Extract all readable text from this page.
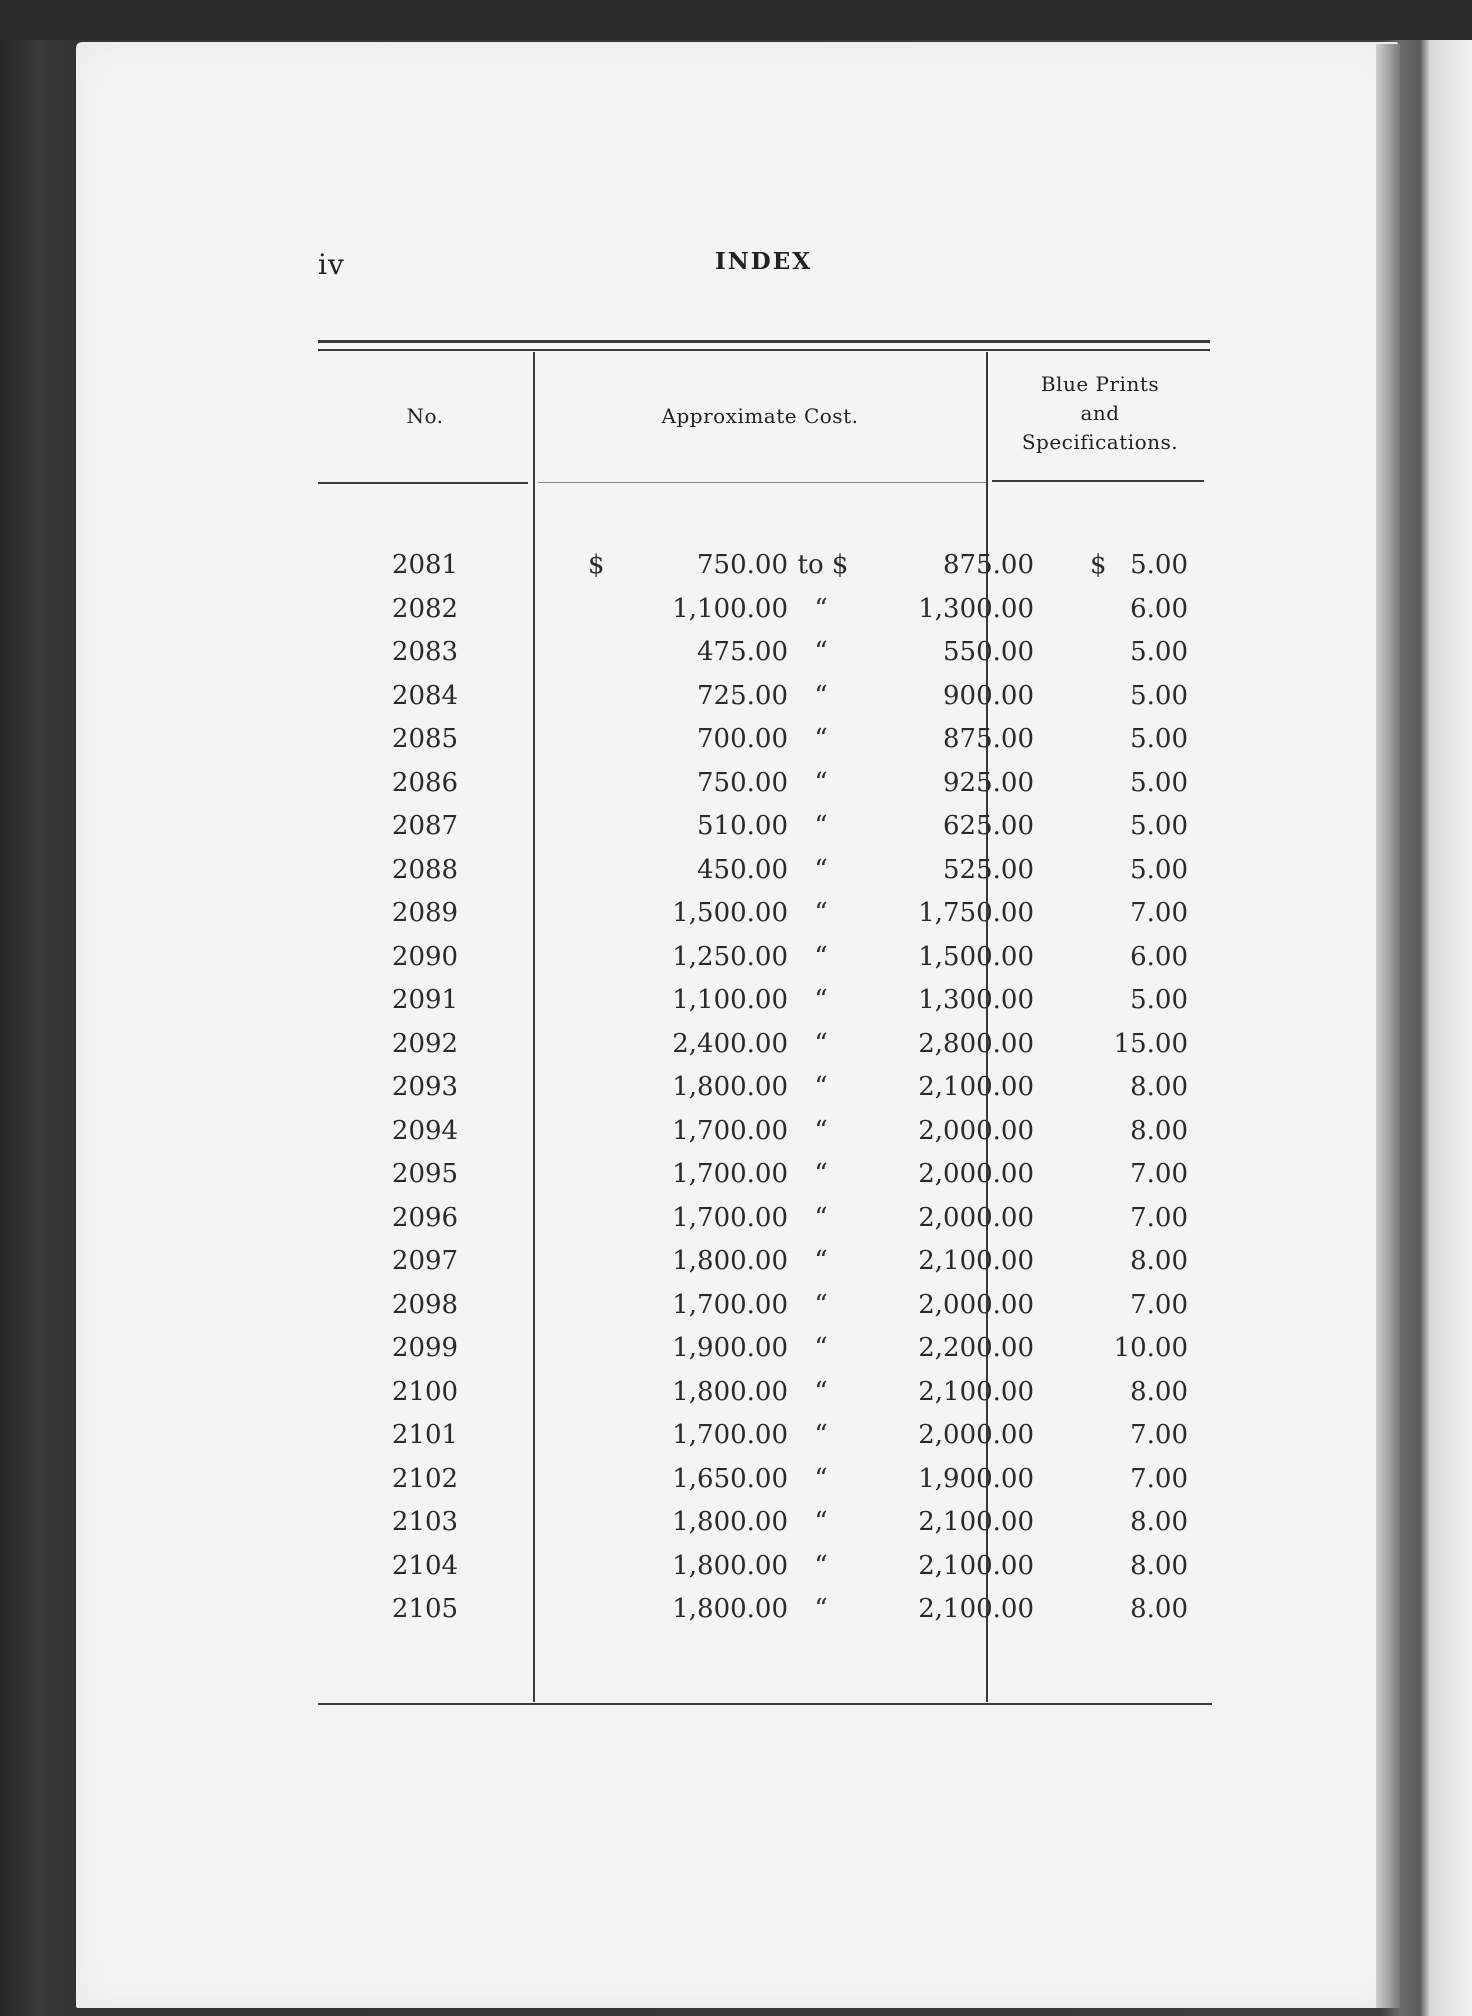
iv	INDEX
No.	Approximate Cost.
Blue Prints
and
Specifications.
2081	$	750.00 to $	875.00 $ 5.00
2082	1,100.00	“	1,300.00	6.00
2083	475.00	“	550.00	5.00
2084	725.00	“	900.00	5.00
2085	700.00	“	875.00	5.00
2086	750.00	“	925.00	5.00
2087	510.00	“	625.00	5.00
2088	450.00	“	525.00	5.00
2089	1,500.00	“	1,750.00	7.00
2090	1,250.00	“	1,500.00	6.00
2091	1,100.00	“	1,300.00	5.00
2092	2,400.00	“	2,800.00	15.00
2093	1,800.00	“	2,100.00	8.00
2094	1,700.00	“	2,000.00	8.00
2095	1,700.00	“	2,000.00	7.00
2096	1,700.00	“	2,000.00	7.00
2097	1,800.00	“	2,100.00	8.00
2098	1,700.00	“	2,000.00	7.00
2099	1,900.00	“	2,200.00	10.00
2100	1,800.00	“	2,100.00	8.00
2101	1,700.00	“	2,000.00	7.00
2102	1,650.00	“	1,900.00	7.00
2103	1,800.00	“	2,100.00	8.00
2104	1,800.00	“	2,100.00	8.00
2105	1,800.00	“	2,100.00	8.00
